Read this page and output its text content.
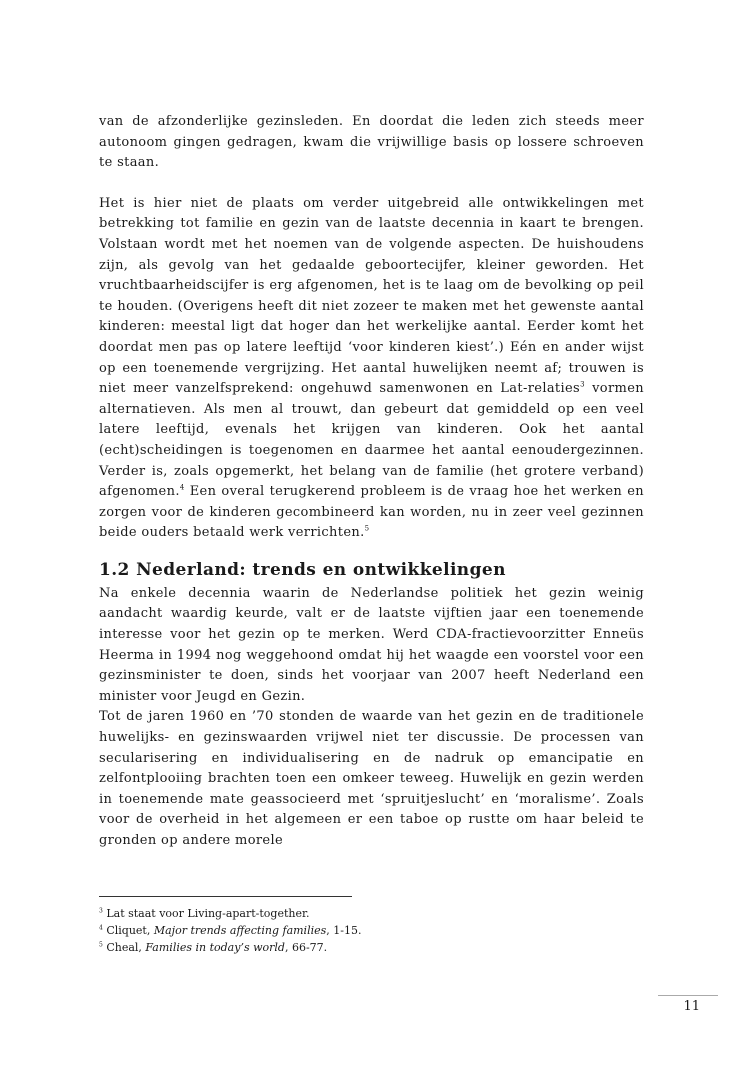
van de afzonderlijke gezinsleden. En doordat die leden zich steeds meer autonoom gingen gedragen, kwam die vrijwillige basis op lossere schroeven te staan.

Het is hier niet de plaats om verder uitgebreid alle ontwikkelingen met betrekking tot familie en gezin van de laatste decennia in kaart te brengen. Volstaan wordt met het noemen van de volgende aspecten. De huishoudens zijn, als gevolg van het gedaalde geboortecijfer, kleiner geworden. Het vruchtbaarheidscijfer is erg afgenomen, het is te laag om de bevolking op peil te houden. (Overigens heeft dit niet zozeer te maken met het gewenste aantal kinderen: meestal ligt dat hoger dan het werkelijke aantal. Eerder komt het doordat men pas op latere leeftijd ‘voor kinderen kiest’.) Eén en ander wijst op een toenemende vergrijzing. Het aantal huwelijken neemt af; trouwen is niet meer vanzelfsprekend: ongehuwd samenwonen en Lat-relaties$^3$ vormen alternatieven. Als men al trouwt, dan gebeurt dat gemiddeld op een veel latere leeftijd, evenals het krijgen van kinderen. Ook het aantal (echt)scheidingen is toegenomen en daarmee het aantal eenoudergezinnen. Verder is, zoals opgemerkt, het belang van de familie (het grotere verband) afgenomen.$^4$ Een overal terugkerend probleem is de vraag hoe het werken en zorgen voor de kinderen gecombineerd kan worden, nu in zeer veel gezinnen beide ouders betaald werk verrichten.$^5$

1.2 Nederland: trends en ontwikkelingen

Na enkele decennia waarin de Nederlandse politiek het gezin weinig aandacht waardig keurde, valt er de laatste vijftien jaar een toenemende interesse voor het gezin op te merken. Werd CDA-fractievoorzitter Enneüs Heerma in 1994 nog weggehoond omdat hij het waagde een voorstel voor een gezinsminister te doen, sinds het voorjaar van 2007 heeft Nederland een minister voor Jeugd en Gezin.

Tot de jaren 1960 en ’70 stonden de waarde van het gezin en de traditionele huwelijks- en gezinswaarden vrijwel niet ter discussie. De processen van secularisering en individualisering en de nadruk op emancipatie en zelfontplooiing brachten toen een omkeer teweeg. Huwelijk en gezin werden in toenemende mate geassocieerd met ‘spruitjeslucht’ en ‘moralisme’. Zoals voor de overheid in het algemeen er een taboe op rustte om haar beleid te gronden op andere morele

$^3$ Lat staat voor Living-apart-together.
$^4$ Cliquet, Major trends affecting families, 1-15.
$^5$ Cheal, Families in today’s world, 66-77.
11
